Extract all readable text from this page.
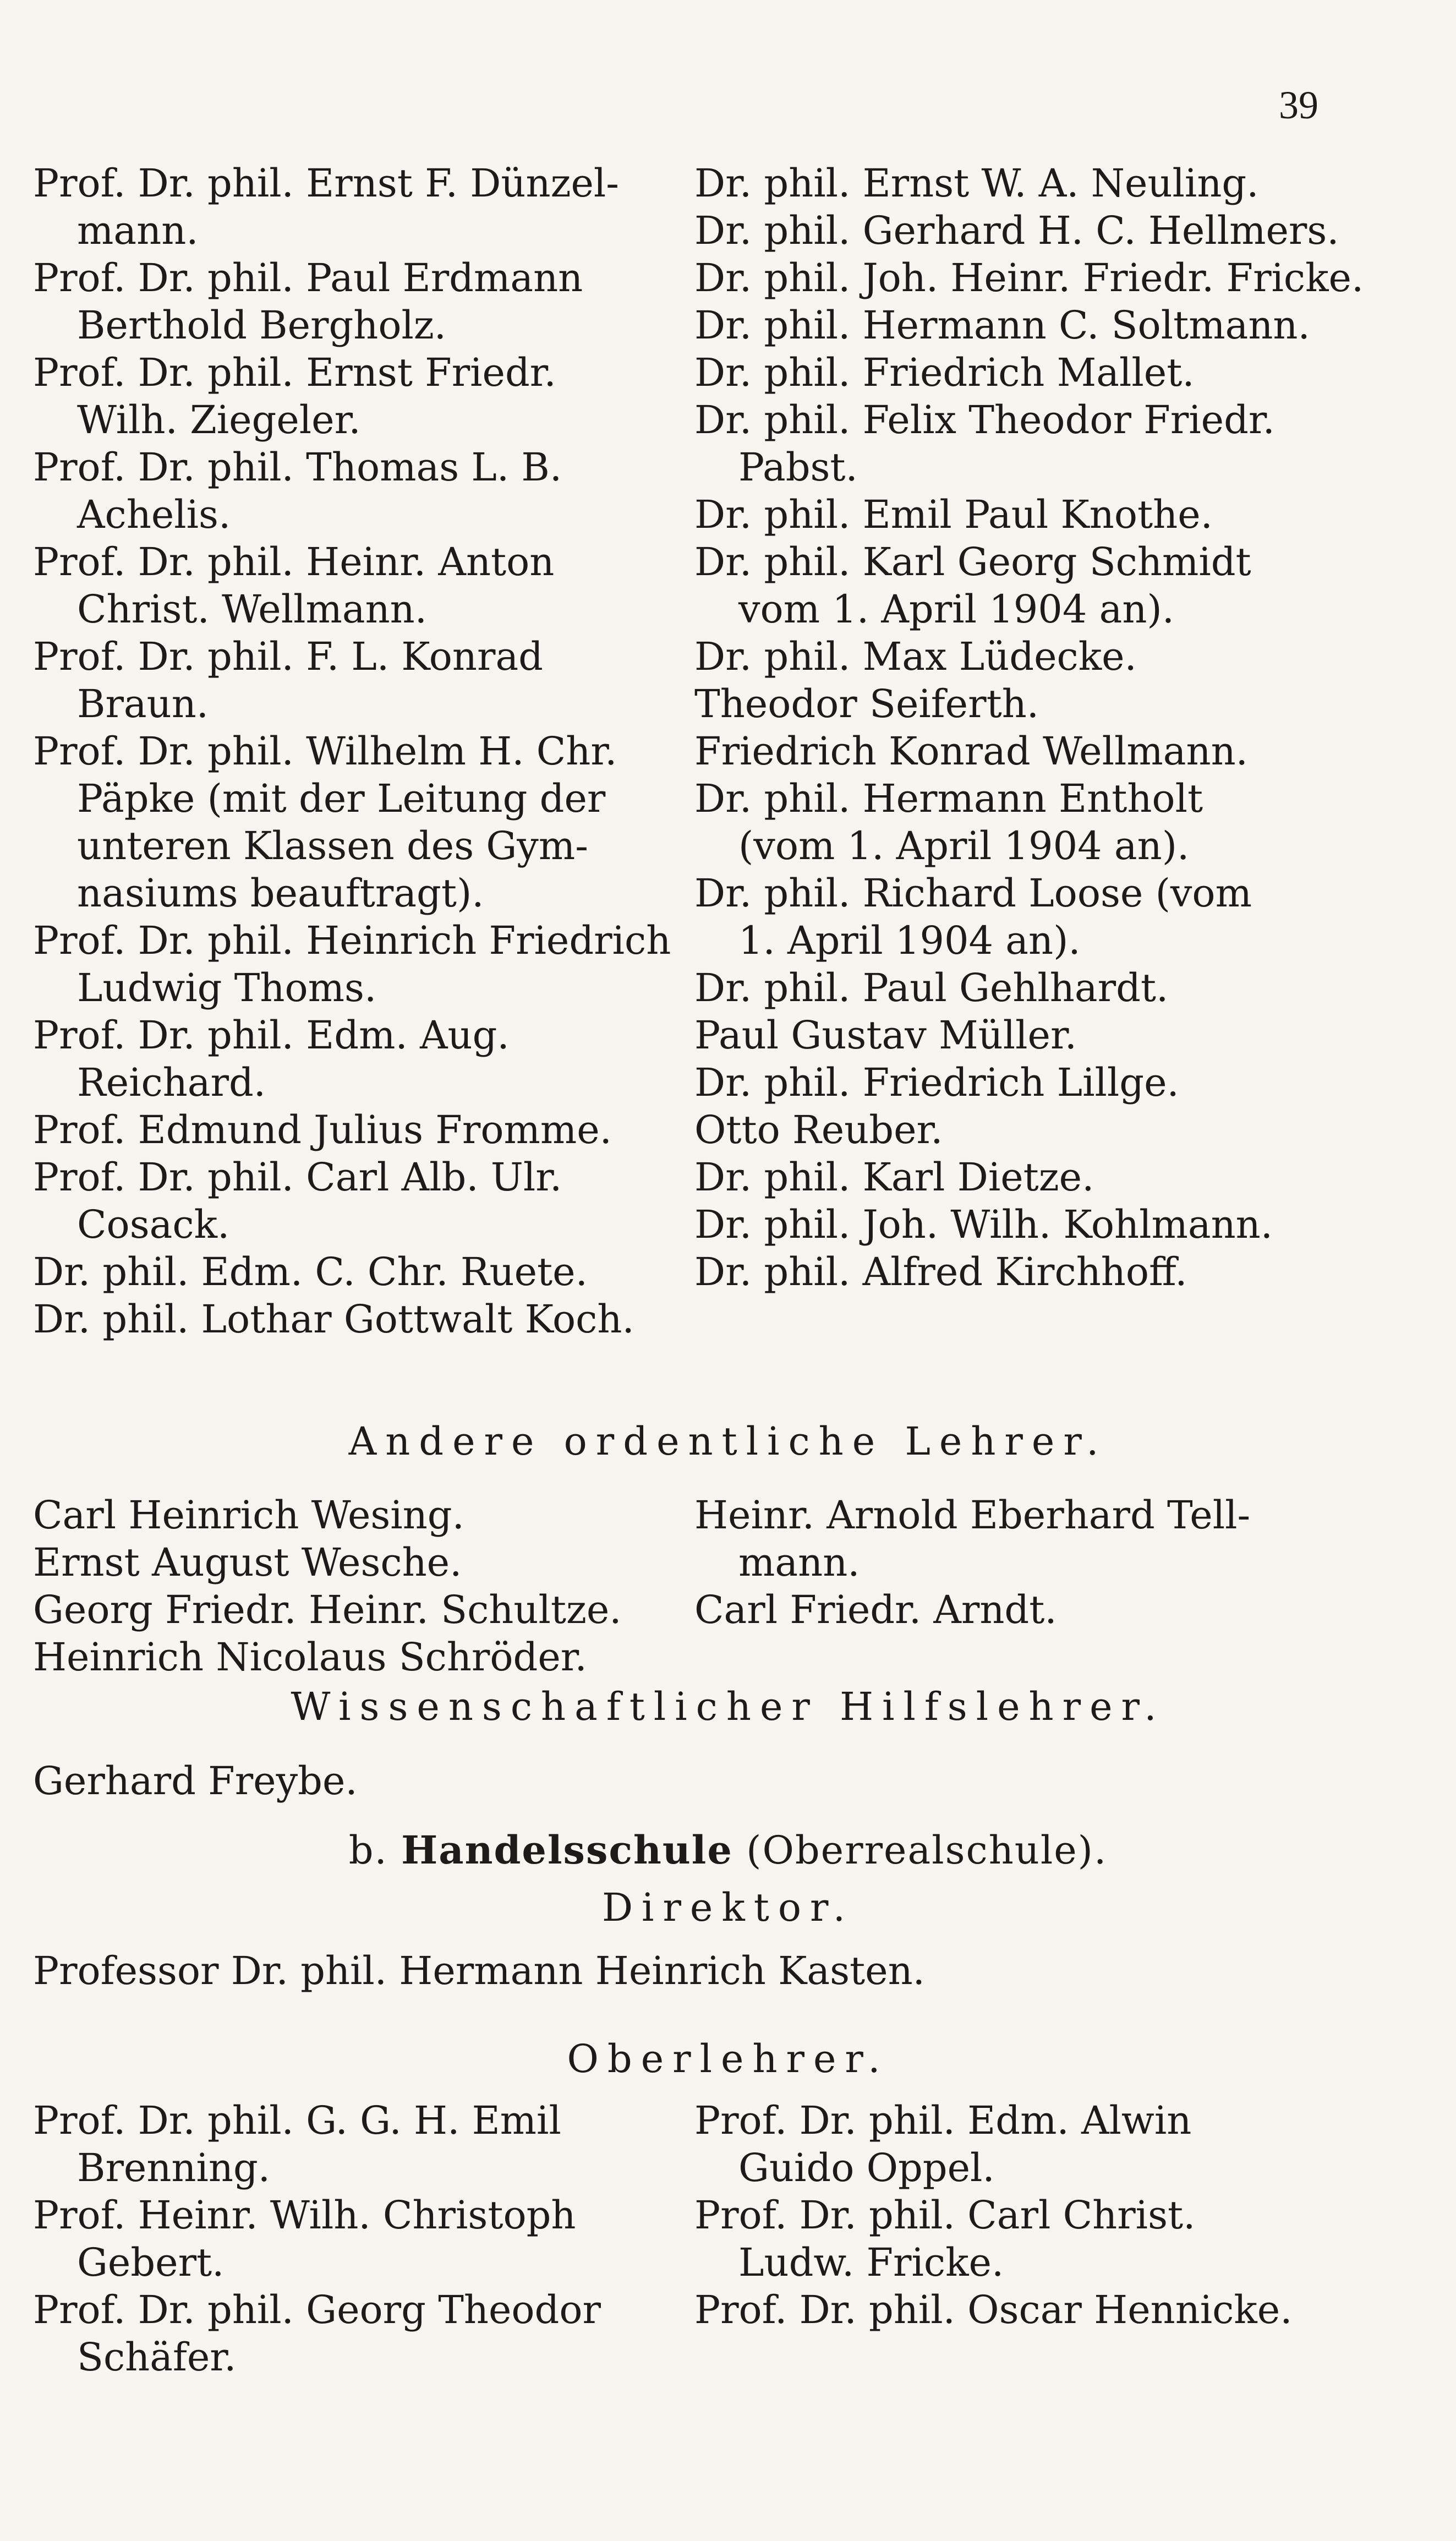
39
Prof. Dr. phil. Ernst F. Dünzel-
mann.
Prof. Dr. phil. Paul Erdmann
Berthold Bergholz.
Prof. Dr. phil. Ernst Friedr.
Wilh. Ziegeler.
Prof. Dr. phil. Thomas L. B.
Achelis.
Prof. Dr. phil. Heinr. Anton
Christ. Wellmann.
Prof. Dr. phil. F. L. Konrad
Braun.
Prof. Dr. phil. Wilhelm H. Chr.
Päpke (mit der Leitung der
unteren Klassen des Gym-
nasiums beauftragt).
Prof. Dr. phil. Heinrich Friedrich
Ludwig Thoms.
Prof. Dr. phil. Edm. Aug.
Reichard.
Prof. Edmund Julius Fromme.
Prof. Dr. phil. Carl Alb. Ulr.
Cosack.
Dr. phil. Edm. C. Chr. Ruete.
Dr. phil. Lothar Gottwalt Koch.
Dr. phil. Ernst W. A. Neuling.
Dr. phil. Gerhard H. C. Hellmers.
Dr. phil. Joh. Heinr. Friedr. Fricke.
Dr. phil. Hermann C. Soltmann.
Dr. phil. Friedrich Mallet.
Dr. phil. Felix Theodor Friedr.
Pabst.
Dr. phil. Emil Paul Knothe.
Dr. phil. Karl Georg Schmidt
vom 1. April 1904 an).
Dr. phil. Max Lüdecke.
Theodor Seiferth.
Friedrich Konrad Wellmann.
Dr. phil. Hermann Entholt
(vom 1. April 1904 an).
Dr. phil. Richard Loose (vom
1. April 1904 an).
Dr. phil. Paul Gehlhardt.
Paul Gustav Müller.
Dr. phil. Friedrich Lillge.
Otto Reuber.
Dr. phil. Karl Dietze.
Dr. phil. Joh. Wilh. Kohlmann.
Dr. phil. Alfred Kirchhoff.
Andere ordentliche Lehrer.
Carl Heinrich Wesing.
Ernst August Wesche.
Georg Friedr. Heinr. Schultze.
Heinrich Nicolaus Schröder.
Heinr. Arnold Eberhard Tell-
mann.
Carl Friedr. Arndt.
Wissenschaftlicher Hilfslehrer.
Gerhard Freybe.
b. Handelsschule (Oberrealschule).
Direktor.
Professor Dr. phil. Hermann Heinrich Kasten.
Oberlehrer.
Prof. Dr. phil. G. G. H. Emil
Brenning.
Prof. Heinr. Wilh. Christoph
Gebert.
Prof. Dr. phil. Georg Theodor
Schäfer.
Prof. Dr. phil. Edm. Alwin
Guido Oppel.
Prof. Dr. phil. Carl Christ.
Ludw. Fricke.
Prof. Dr. phil. Oscar Hennicke.
